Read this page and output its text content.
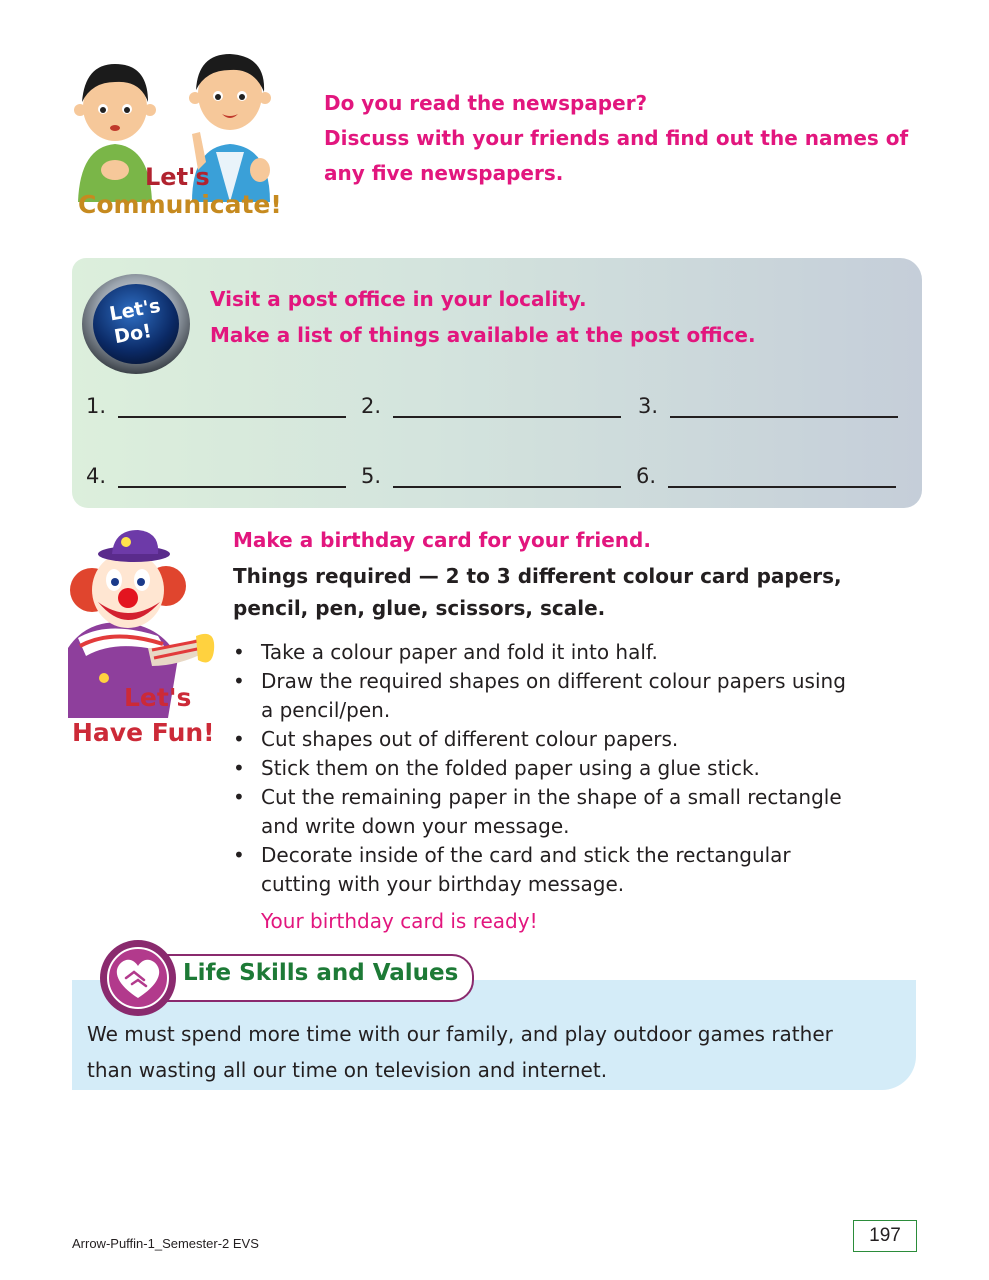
Let's
Communicate!
Do you read the newspaper?
Discuss with your friends and find out the names of
any five newspapers.
Let's
Do!
Visit a post office in your locality.
Make a list of things available at the post office.
1.	2.	3.
4.	5.	6.
Let's
Have Fun!
Make a birthday card for your friend.
Things required — 2 to 3 different colour card papers,
pencil, pen, glue, scissors, scale.
• Take a colour paper and fold it into half.
• Draw the required shapes on different colour papers using
a pencil/pen.
• Cut shapes out of different colour papers.
• Stick them on the folded paper using a glue stick.
• Cut the remaining paper in the shape of a small rectangle
and write down your message.
• Decorate inside of the card and stick the rectangular
cutting with your birthday message.
Your birthday card is ready!
Life Skills and Values
We must spend more time with our family, and play outdoor games rather
than wasting all our time on television and internet.
Arrow-Puffin-1_Semester-2 EVS	197
